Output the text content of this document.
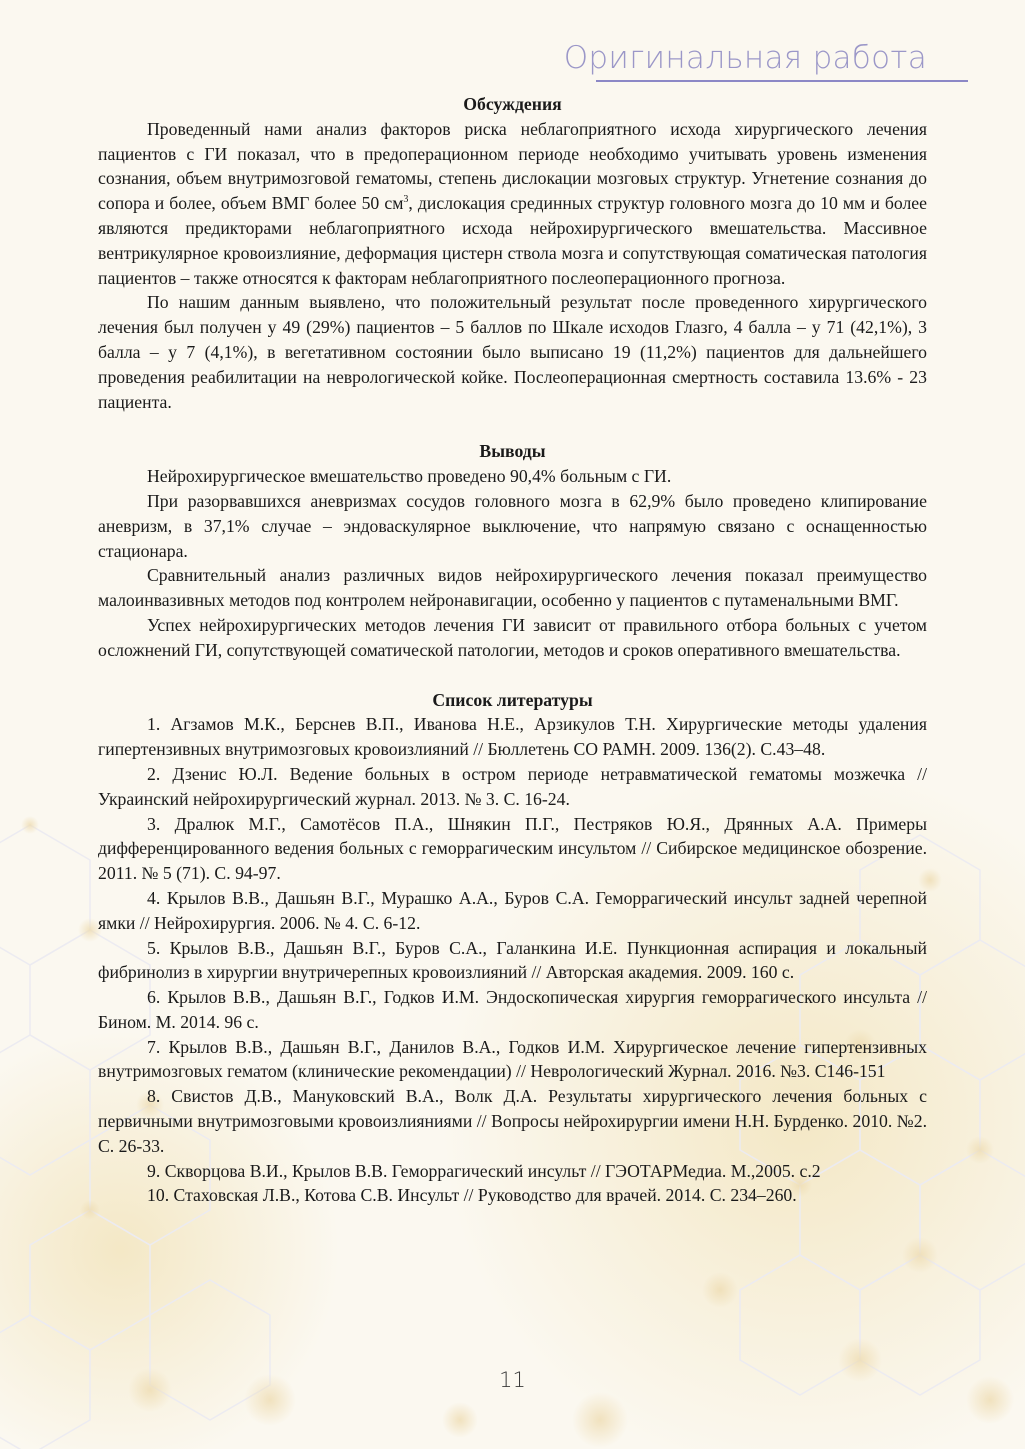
Оригинальная работа

Обсуждения

Проведенный нами анализ факторов риска неблагоприятного исхода хирургического лечения пациентов с ГИ показал, что в предоперационном периоде необходимо учитывать уровень изменения сознания, объем внутримозговой гематомы, степень дислокации мозговых структур. Угнетение сознания до сопора и более, объем ВМГ более 50 $см^3$, дислокация срединных структур головного мозга до 10 мм и более являются предикторами неблагоприятного исхода нейрохирургического вмешательства. Массивное вентрикулярное кровоизлияние, деформация цистерн ствола мозга и сопутствующая соматическая патология пациентов – также относятся к факторам неблагоприятного послеоперационного прогноза.

По нашим данным выявлено, что положительный результат после проведенного хирургического лечения был получен у 49 (29%) пациентов – 5 баллов по Шкале исходов Глазго, 4 балла – у 71 (42,1%), 3 балла – у 7 (4,1%), в вегетативном состоянии было выписано 19 (11,2%) пациентов для дальнейшего проведения реабилитации на неврологической койке. Послеоперационная смертность составила 13.6% - 23 пациента.

Выводы

Нейрохирургическое вмешательство проведено 90,4% больным с ГИ.

При разорвавшихся аневризмах сосудов головного мозга в 62,9% было проведено клипирование аневризм, в 37,1% случае – эндоваскулярное выключение, что напрямую связано с оснащенностью стационара.

Сравнительный анализ различных видов нейрохирургического лечения показал преимущество малоинвазивных методов под контролем нейронавигации, особенно у пациентов с путаменальными ВМГ.

Успех нейрохирургических методов лечения ГИ зависит от правильного отбора больных с учетом осложнений ГИ, сопутствующей соматической патологии, методов и сроков оперативного вмешательства.

Список литературы

1. Агзамов М.К., Берснев В.П., Иванова Н.Е., Арзикулов Т.Н. Хирургические методы удаления гипертензивных внутримозговых кровоизлияний // Бюллетень СО РАМН. 2009. 136(2). С.43–48.

2. Дзенис Ю.Л. Ведение больных в остром периоде нетравматической гематомы мозжечка // Украинский нейрохирургический журнал. 2013. № 3. С. 16-24.

3. Дралюк М.Г., Самотёсов П.А., Шнякин П.Г., Пестряков Ю.Я., Дрянных А.А. Примеры дифференцированного ведения больных с геморрагическим инсультом // Сибирское медицинское обозрение. 2011. № 5 (71). С. 94-97.

4. Крылов В.В., Дашьян В.Г., Мурашко А.А., Буров С.А. Геморрагический инсульт задней черепной ямки // Нейрохирургия. 2006. № 4. С. 6-12.

5. Крылов В.В., Дашьян В.Г., Буров С.А., Галанкина И.Е. Пункционная аспирация и локальный фибринолиз в хирургии внутричерепных кровоизлияний // Авторская академия. 2009. 160 с.

6. Крылов В.В., Дашьян В.Г., Годков И.М. Эндоскопическая хирургия геморрагического инсульта // Бином. М. 2014. 96 с.

7. Крылов В.В., Дашьян В.Г., Данилов В.А., Годков И.М. Хирургическое лечение гипертензивных внутримозговых гематом (клинические рекомендации) // Неврологический Журнал. 2016. №3. С146-151

8. Свистов Д.В., Мануковский В.А., Волк Д.А. Результаты хирургического лечения больных с первичными внутримозговыми кровоизлияниями // Вопросы нейрохирургии имени Н.Н. Бурденко. 2010. №2. С. 26-33.

9. Скворцова В.И., Крылов В.В. Геморрагический инсульт // ГЭОТАРМедиа. М.,2005. с.2

10. Стаховская Л.В., Котова С.В. Инсульт // Руководство для врачей. 2014. С. 234–260.

11
